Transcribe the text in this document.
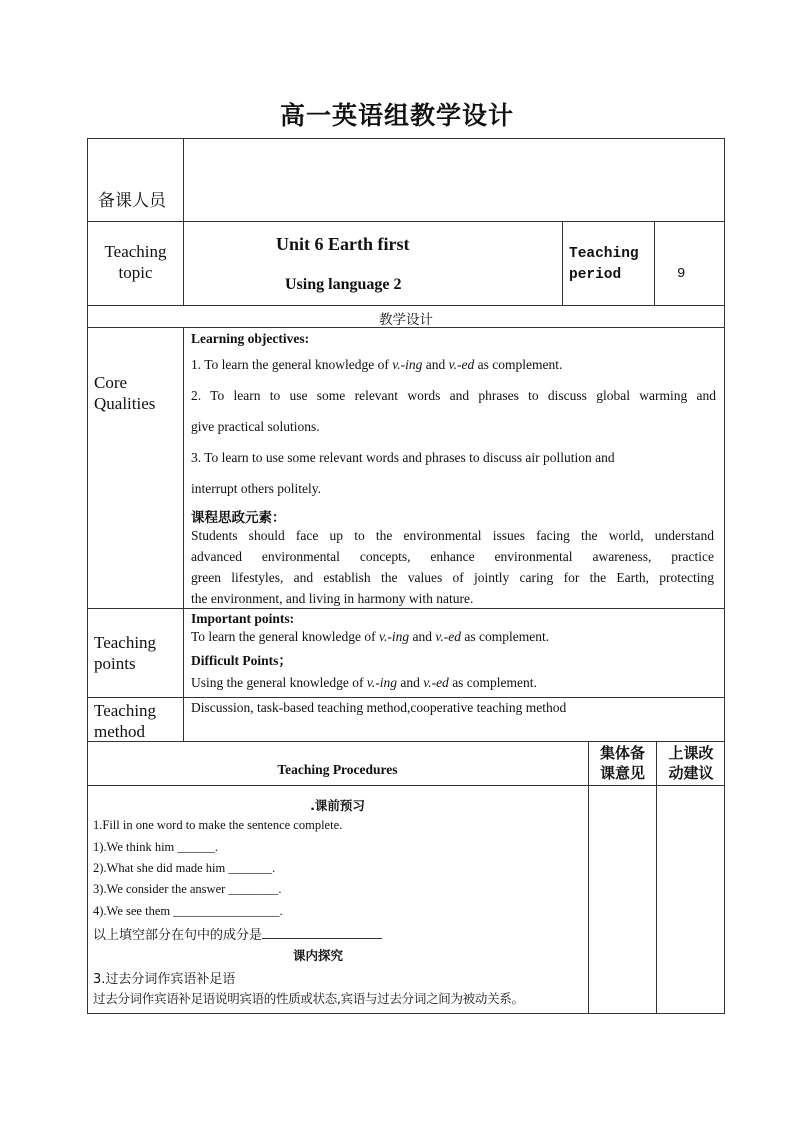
高一英语组教学设计
备课人员
Teaching
topic
Unit 6 Earth first
Using language 2
Teaching
period	9
教学设计
Core
Qualities
Learning objectives:
1. To learn the general knowledge of v.-ing and v.-ed as complement.
2. To learn to use some relevant words and phrases to discuss global warming and
give practical solutions.
3. To learn to use some relevant words and phrases to discuss air pollution and
interrupt others politely.
课程思政元素：
Students should face up to the environmental issues facing the world, understand
advanced environmental concepts, enhance environmental awareness, practice
green lifestyles, and establish the values of jointly caring for the Earth, protecting
the environment, and living in harmony with nature.
Teaching
points
Important points:
To learn the general knowledge of v.-ing and v.-ed as complement.
Difficult Points；
Using the general knowledge of v.-ing and v.-ed as complement.
Teaching
method
Discussion, task-based teaching method,cooperative teaching method
Teaching Procedures
集体备
课意见
上课改
动建议
.课前预习
1.Fill in one word to make the sentence complete.
1).We think him ______.
2).What she did made him _______.
3).We consider the answer ________.
4).We see them _________________.
以上填空部分在句中的成分是
课内探究
3.过去分词作宾语补足语
过去分词作宾语补足语说明宾语的性质或状态,宾语与过去分词之间为被动关系。
